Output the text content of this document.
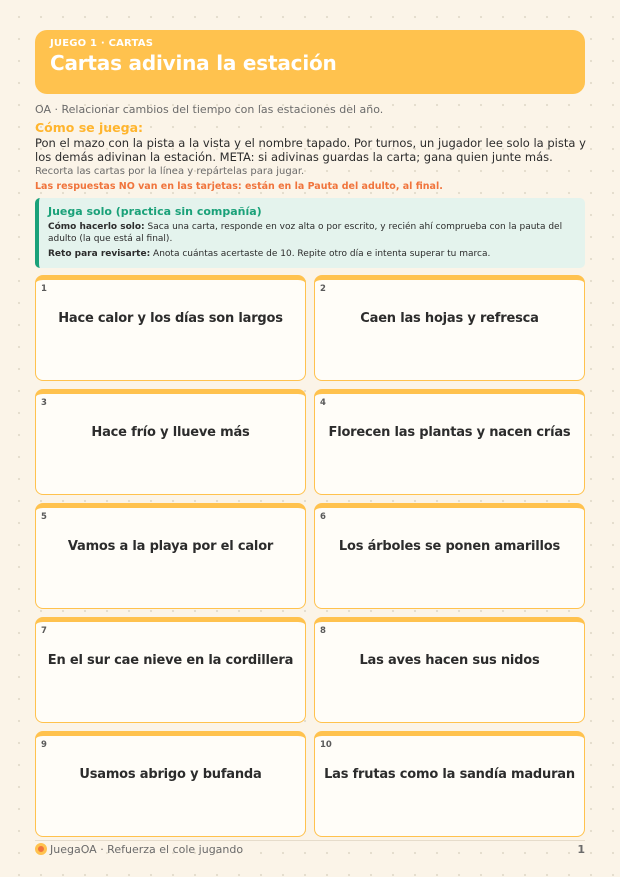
JUEGO 1 · CARTAS
Cartas adivina la estación
OA · Relacionar cambios del tiempo con las estaciones del año.
Cómo se juega:
Pon el mazo con la pista a la vista y el nombre tapado. Por turnos, un jugador lee solo la pista y los demás adivinan la estación. META: si adivinas guardas la carta; gana quien junte más.
Recorta las cartas por la línea y repártelas para jugar.
Las respuestas NO van en las tarjetas: están en la Pauta del adulto, al final.
Juega solo (practica sin compañía)
Cómo hacerlo solo: Saca una carta, responde en voz alta o por escrito, y recién ahí comprueba con la pauta del adulto (la que está al final).
Reto para revisarte: Anota cuántas acertaste de 10. Repite otro día e intenta superar tu marca.
1
Hace calor y los días son largos
2
Caen las hojas y refresca
3
Hace frío y llueve más
4
Florecen las plantas y nacen crías
5
Vamos a la playa por el calor
6
Los árboles se ponen amarillos
7
En el sur cae nieve en la cordillera
8
Las aves hacen sus nidos
9
Usamos abrigo y bufanda
10
Las frutas como la sandía maduran
JuegaOA · Refuerza el cole jugando	1
